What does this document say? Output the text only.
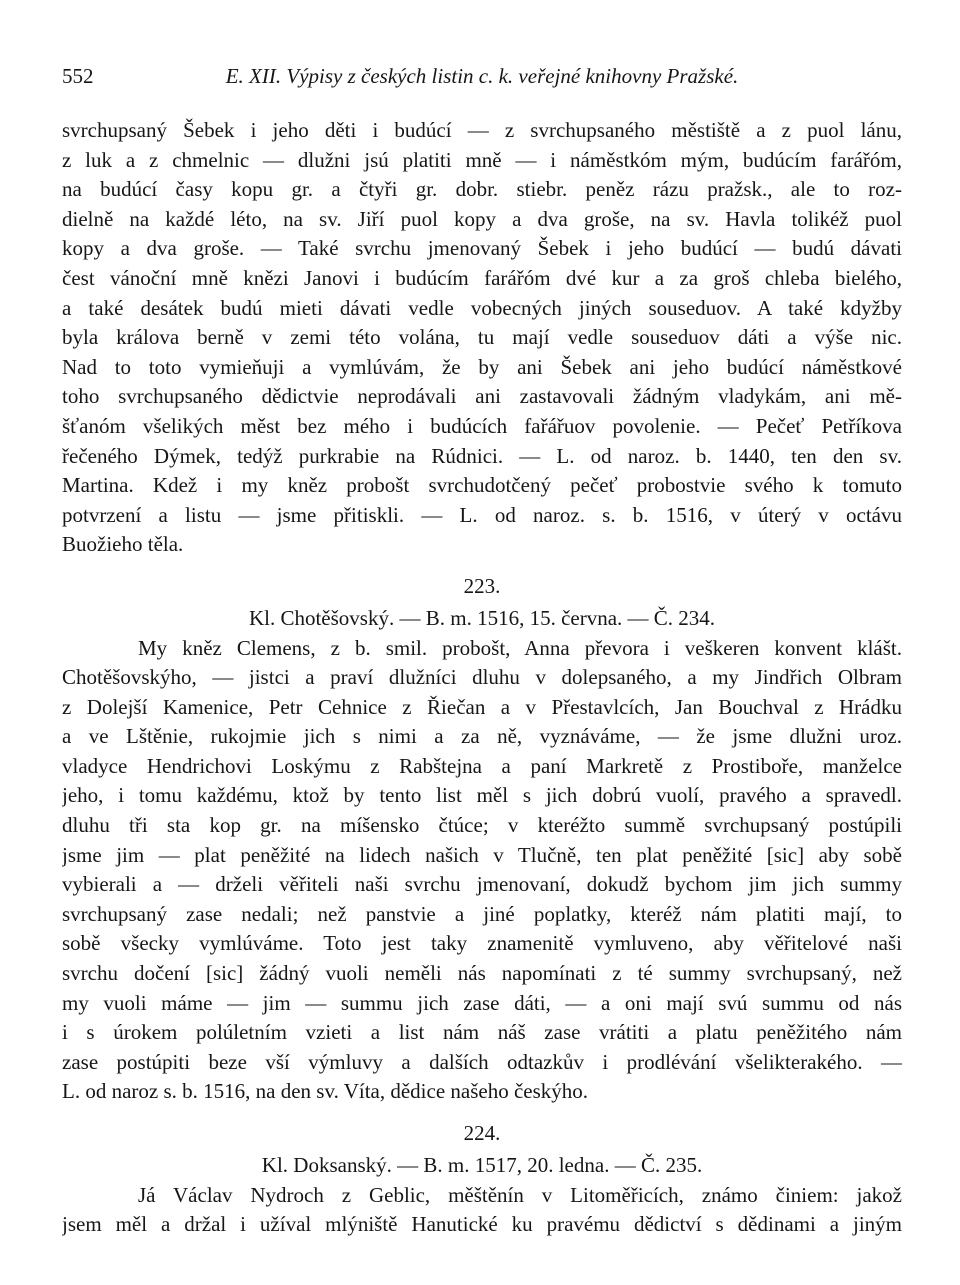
552	E. XII. Výpisy z českých listin c. k. veřejné knihovny Pražské.
svrchupsaný Šebek i jeho děti i budúcí — z svrchupsaného městiště a z puol lánu,
z luk a z chmelnic — dlužni jsú platiti mně — i náměstkóm mým, budúcím farářóm,
na budúcí časy kopu gr. a čtyři gr. dobr. stiebr. peněz rázu pražsk., ale to roz-
dielně na každé léto, na sv. Jiří puol kopy a dva groše, na sv. Havla tolikéž puol
kopy a dva groše. — Také svrchu jmenovaný Šebek i jeho budúcí — budú dávati
čest vánoční mně knězi Janovi i budúcím farářóm dvé kur a za groš chleba bielého,
a také desátek budú mieti dávati vedle vobecných jiných souseduov. A také kdyžby
byla králova berně v zemi této volána, tu mají vedle souseduov dáti a výše nic.
Nad to toto vymieňuji a vymlúvám, že by ani Šebek ani jeho budúcí náměstkové
toho svrchupsaného dědictvie neprodávali ani zastavovali žádným vladykám, ani mě-
šťanóm všelikých měst bez mého i budúcích fařářuov povolenie. — Pečeť Petříkova
řečeného Dýmek, tedýž purkrabie na Rúdnici. — L. od naroz. b. 1440, ten den sv.
Martina. Kdež i my kněz probošt svrchudotčený pečeť probostvie svého k tomuto
potvrzení a listu — jsme přitiskli. — L. od naroz. s. b. 1516, v úterý v octávu
Buožieho těla.
223.
Kl. Chotěšovský. — B. m. 1516, 15. června. — Č. 234.
My kněz Clemens, z b. smil. probošt, Anna převora i veškeren konvent klášt.
Chotěšovskýho, — jistci a praví dlužníci dluhu v dolepsaného, a my Jindřich Olbram
z Dolejší Kamenice, Petr Cehnice z Řiečan a v Přestavlcích, Jan Bouchval z Hrádku
a ve Lštěnie, rukojmie jich s nimi a za ně, vyznáváme, — že jsme dlužni uroz.
vladyce Hendrichovi Loskýmu z Rabštejna a paní Markretě z Prostiboře, manželce
jeho, i tomu každému, ktož by tento list měl s jich dobrú vuolí, pravého a spravedl.
dluhu tři sta kop gr. na míšensko čtúce; v kteréžto summě svrchupsaný postúpili
jsme jim — plat peněžité na lidech našich v Tlučně, ten plat peněžité [sic] aby sobě
vybierali a — drželi věřiteli naši svrchu jmenovaní, dokudž bychom jim jich summy
svrchupsaný zase nedali; než panstvie a jiné poplatky, kteréž nám platiti mají, to
sobě všecky vymlúváme. Toto jest taky znamenitě vymluveno, aby věřitelové naši
svrchu dočení [sic] žádný vuoli neměli nás napomínati z té summy svrchupsaný, než
my vuoli máme — jim — summu jich zase dáti, — a oni mají svú summu od nás
i s úrokem polúletním vzieti a list nám náš zase vrátiti a platu peněžitého nám
zase postúpiti beze vší výmluvy a dalších odtazkův i prodlévání všelikterakého. —
L. od naroz s. b. 1516, na den sv. Víta, dědice našeho českýho.
224.
Kl. Doksanský. — B. m. 1517, 20. ledna. — Č. 235.
Já Václav Nydroch z Geblic, měštěnín v Litoměřicích, známo činiem: jakož
jsem měl a držal i užíval mlýniště Hanutické ku pravému dědictví s dědinami a jiným
